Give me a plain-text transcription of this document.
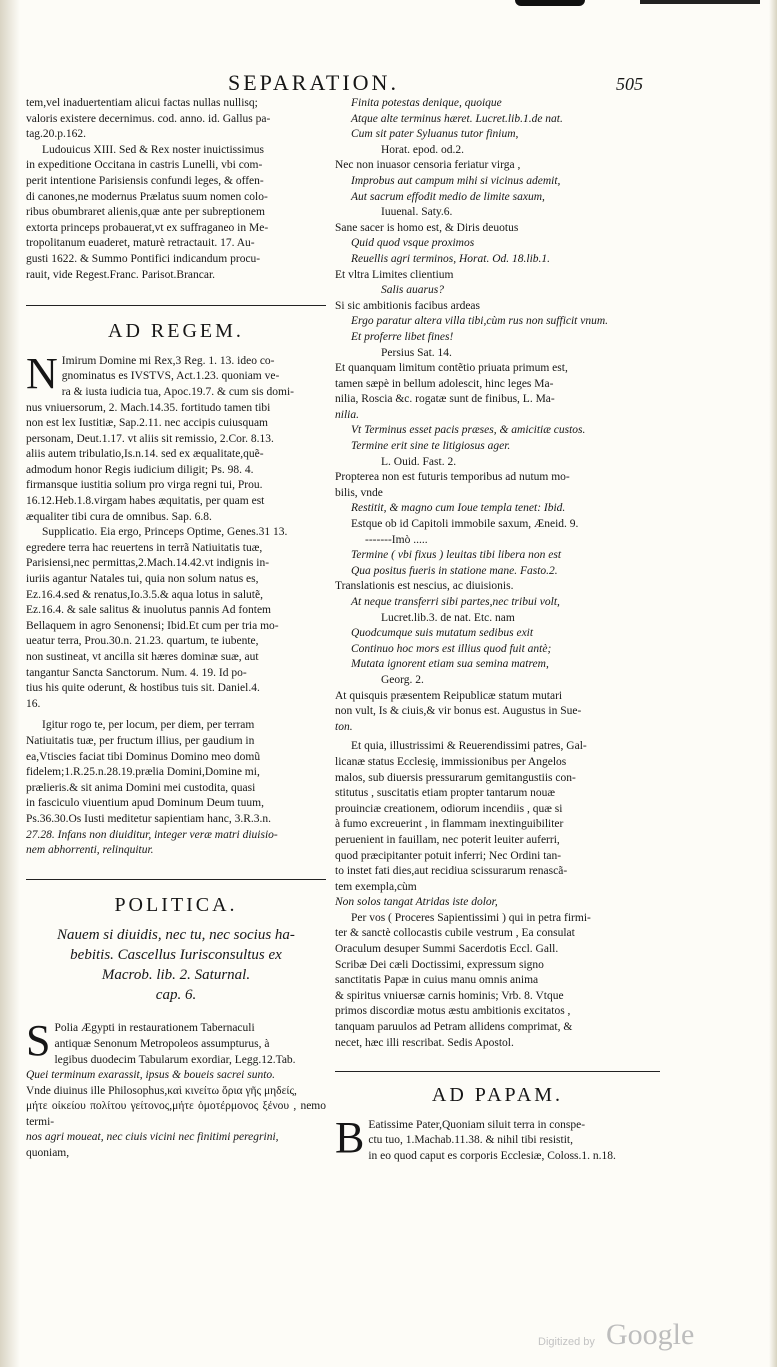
SEPARATION.	505
tem,vel inaduertentiam alicui factas nullas nullisq;
valoris existere decernimus. cod. anno. id. Gallus pa-
tag.20.p.162.
Ludouicus XIII. Sed & Rex noster inuictissimus
in expeditione Occitana in castris Lunelli, vbi com-
perit intentione Parisiensis confundi leges, & offen-
di canones,ne modernus Prælatus suum nomen colo-
ribus obumbraret alienis,quæ ante per subreptionem
extorta princeps probauerat,vt ex suffraganeo in Me-
tropolitanum euaderet, maturè retractauit. 17. Au-
gusti 1622. & Summo Pontifici indicandum procu-
rauit, vide Regest.Franc. Parisot.Brancar.
AD REGEM.
N Imirum Domine mi Rex,3 Reg. 1. 13. ideo co-
gnominatus es IVSTVS, Act.1.23. quoniam ve-
ra & iusta iudicia tua, Apoc.19.7. & cum sis domi-
nus vniuersorum, 2. Mach.14.35. fortitudo tamen tibi
non est lex Iustitiæ, Sap.2.11. nec accipis cuiusquam
personam, Deut.1.17. vt aliis sit remissio, 2.Cor. 8.13.
aliis autem tribulatio,Is.n.14. sed ex æqualitate,quẽ-
admodum honor Regis iudicium diligit; Ps. 98. 4.
firmansque iustitia solium pro virga regni tui, Prou.
16.12.Heb.1.8.virgam habes æquitatis, per quam est
æqualiter tibi cura de omnibus. Sap. 6.8.
Supplicatio. Eia ergo, Princeps Optime, Genes.31 13.
egredere terra hac reuertens in terrã Natiuitatis tuæ,
Parisiensi,nec permittas,2.Mach.14.42.vt indignis in-
iuriis agantur Natales tui, quia non solum natus es,
Ez.16.4.sed & renatus,Io.3.5.& aqua lotus in salutẽ,
Ez.16.4. & sale salitus & inuolutus pannis Ad fontem
Bellaquem in agro Senonensi; Ibid.Et cum per tria mo-
ueatur terra, Prou.30.n. 21.23. quartum, te iubente,
non sustineat, vt ancilla sit hæres dominæ suæ, aut
tangantur Sancta Sanctorum. Num. 4. 19. Id po-
tius his quite oderunt, & hostibus tuis sit. Daniel.4.
16.
Igitur rogo te, per locum, per diem, per terram
Natiuitatis tuæ, per fructum illius, per gaudium in
ea,Vtiscies faciat tibi Dominus Domino meo domũ
fidelem;1.R.25.n.28.19.prælia Domini,Domine mi,
prælieris.& sit anima Domini mei custodita, quasi
in fasciculo viuentium apud Dominum Deum tuum,
Ps.36.30.Os Iusti meditetur sapientiam hanc, 3.R.3.n.
27.28. Infans non diuiditur, integer veræ matri diuisio-
nem abhorrenti, relinquitur.
POLITICA.
Nauem si diuidis, nec tu, nec socius ha-
bebitis. Cascellus Iurisconsultus ex
Macrob. lib. 2. Saturnal.
cap. 6.
S Polia Ægypti in restaurationem Tabernaculi
antiquæ Senonum Metropoleos assumpturus, à
legibus duodecim Tabularum exordiar, Legg.12.Tab.
Quei terminum exarassit, ipsus & boueis sacrei sunto.
Vnde diuinus ille Philosophus,καὶ κινείτω ὅρια γῆς μηδείς,
μήτε οἰκείου πολίτου γείτονος,μήτε ὁμοτέρμονος ξένου , nemo termi-
nos agri moueat, nec ciuis vicini nec finitimi peregrini,
quoniam,
Finita potestas denique, quoique
Atque alte terminus hæret. Lucret.lib.1.de nat.
Cum sit pater Syluanus tutor finium,
Horat. epod. od.2.
Nec non inuasor censoria feriatur virga ,
Improbus aut campum mihi si vicinus ademit,
Aut sacrum effodit medio de limite saxum,
Iuuenal. Saty.6.
Sane sacer is homo est, & Diris deuotus
Quid quod vsque proximos
Reuellis agri terminos, Horat. Od. 18.lib.1.
Et vltra Limites clientium
Salis auarus?
Si sic ambitionis facibus ardeas
Ergo paratur altera villa tibi,cùm rus non sufficit vnum.
Et proferre libet fines!
Persius Sat. 14.
Et quanquam limitum contẽtio priuata primum est,
tamen sæpè in bellum adolescit, hinc leges Ma-
nilia, Roscia &c. rogatæ sunt de finibus, L. Ma-
nilia.
Vt Terminus esset pacis præses, & amicitiæ custos.
Termine erit sine te litigiosus ager.
L. Ouid. Fast. 2.
Propterea non est futuris temporibus ad nutum mo-
bilis, vnde
Restitit, & magno cum Ioue templa tenet: Ibid.
Estque ob id Capitoli immobile saxum, Æneid. 9.
-------Imò .....
Termine ( vbi fixus ) leuitas tibi libera non est
Qua positus fueris in statione mane. Fasto.2.
Translationis est nescius, ac diuisionis.
At neque transferri sibi partes,nec tribui volt,
Lucret.lib.3. de nat. Etc. nam
Quodcumque suis mutatum sedibus exit
Continuo hoc mors est illius quod fuit antè;
Mutata ignorent etiam sua semina matrem,
Georg. 2.
At quisquis præsentem Reipublicæ statum mutari
non vult, Is & ciuis,& vir bonus est. Augustus in Sue-
ton.
Et quia, illustrissimi & Reuerendissimi patres, Gal-
licanæ status Ecclesię, immissionibus per Angelos
malos, sub diuersis pressurarum gemitangustiis con-
stitutus , suscitatis etiam propter tantarum nouæ
prouinciæ creationem, odiorum incendiis , quæ si
à fumo excreuerint , in flammam inextinguibiliter
peruenient in fauillam, nec poterit leuiter auferri,
quod præcipitanter potuit inferri; Nec Ordini tan-
to instet fati dies,aut recidiua scissurarum renascã-
tem exempla,cùm
Non solos tangat Atridas iste dolor,
Per vos ( Proceres Sapientissimi ) qui in petra firmi-
ter & sanctè collocastis cubile vestrum , Ea consulat
Oraculum desuper Summi Sacerdotis Eccl. Gall.
Scribæ Dei cæli Doctissimi, expressum signo
sanctitatis Papæ in cuius manu omnis anima
& spiritus vniuersæ carnis hominis; Vrb. 8. Vtque
primos discordiæ motus æstu ambitionis excitatos ,
tanquam paruulos ad Petram allidens comprimat, &
necet, hæc illi rescribat. Sedis Apostol.
AD PAPAM.
B Eatissime Pater,Quoniam siluit terra in conspe-
ctu tuo, 1.Machab.11.38. & nihil tibi resistit,
in eo quod caput es corporis Ecclesiæ, Coloss.1. n.18.
Digitized by Google
